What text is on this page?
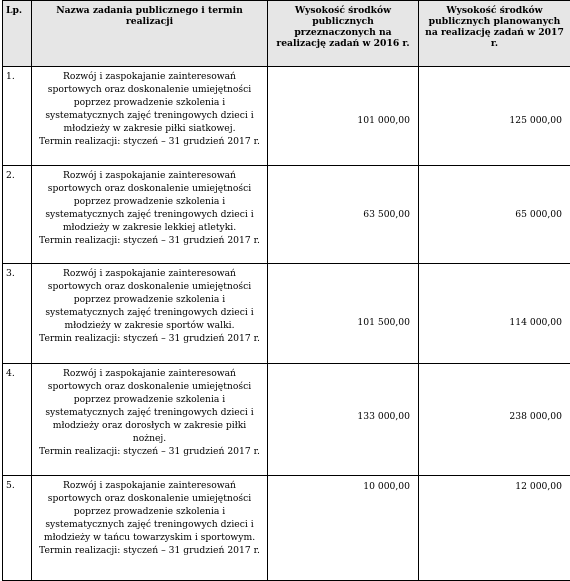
Lp.	Nazwa zadania publicznego i termin realizacji	Wysokość środków publicznych przeznaczonych na realizację zadań w 2016 r.	Wysokość środków publicznych planowanych na realizację zadań w 2017 r.
1.	Rozwój i zaspokajanie zainteresowań sportowych oraz doskonalenie umiejętności poprzez prowadzenie szkolenia i systematycznych zajęć treningowych dzieci i młodzieży w zakresie piłki siatkowej.
Termin realizacji: styczeń – 31 grudzień 2017 r.	101 000,00	125 000,00
2.	Rozwój i zaspokajanie zainteresowań sportowych oraz doskonalenie umiejętności poprzez prowadzenie szkolenia i systematycznych zajęć treningowych dzieci i młodzieży w zakresie lekkiej atletyki.
Termin realizacji: styczeń – 31 grudzień 2017 r.	63 500,00	65 000,00
3.	Rozwój i zaspokajanie zainteresowań sportowych oraz doskonalenie umiejętności poprzez prowadzenie szkolenia i systematycznych zajęć treningowych dzieci i młodzieży w zakresie sportów walki.
Termin realizacji: styczeń – 31 grudzień 2017 r.	101 500,00	114 000,00
4.	Rozwój i zaspokajanie zainteresowań sportowych oraz doskonalenie umiejętności poprzez prowadzenie szkolenia i systematycznych zajęć treningowych dzieci i młodzieży oraz dorosłych w zakresie piłki nożnej.
Termin realizacji: styczeń – 31 grudzień 2017 r.	133 000,00	238 000,00
5.	Rozwój i zaspokajanie zainteresowań sportowych oraz doskonalenie umiejętności poprzez prowadzenie szkolenia i systematycznych zajęć treningowych dzieci i młodzieży w tańcu towarzyskim i sportowym.
Termin realizacji: styczeń – 31 grudzień 2017 r.	10 000,00	12 000,00
